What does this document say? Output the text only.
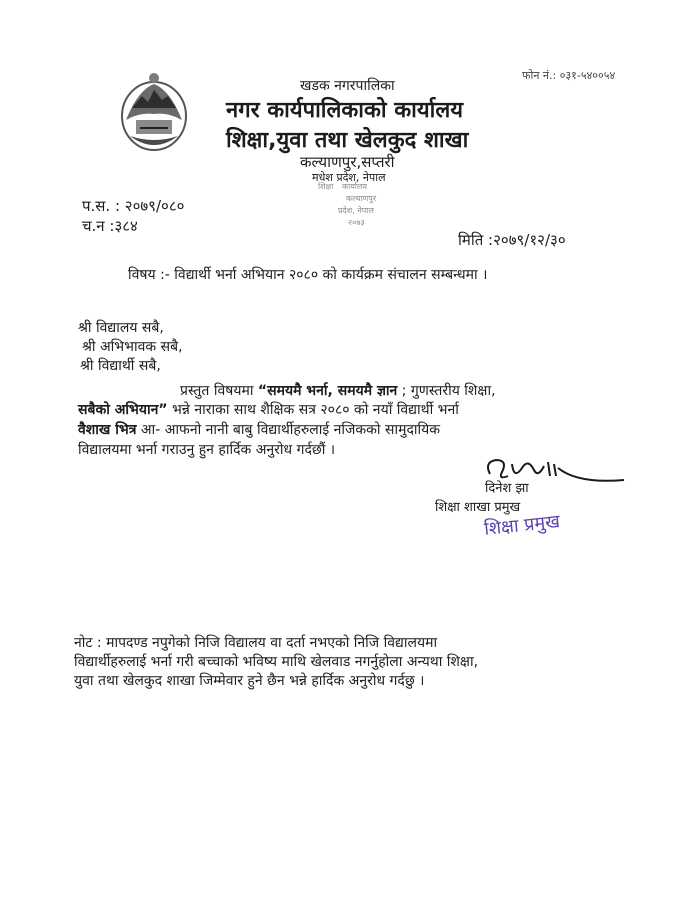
खडक नगरपालिका
नगर कार्यपालिकाको कार्यालय
शिक्षा,युवा तथा खेलकुद शाखा
कल्याणपुर,सप्तरी
मधेश प्रदेश, नेपाल
फोन नं.: ०३१-५४००५४
शिक्षा कार्यालय
कल्याणपुर
प्रदेश, नेपाल
२०७३
प.स. : २०७९/०८०
च.न :३८४
मिति :२०७९/१२/३०
विषय :- विद्यार्थी भर्ना अभियान २०८० को कार्यक्रम संचालन सम्बन्धमा ।
श्री विद्यालय सबै,
श्री अभिभावक सबै,
श्री विद्यार्थी सबै,
प्रस्तुत विषयमा “समयमै भर्ना, समयमै ज्ञान ; गुणस्तरीय शिक्षा,
सबैको अभियान” भन्ने नाराका साथ शैक्षिक सत्र २०८० को नयाँ विद्यार्थी भर्ना
वैशाख भित्र आ- आफनो नानी बाबु विद्यार्थीहरुलाई नजिकको सामुदायिक
विद्यालयमा भर्ना गराउनु हुन हार्दिक अनुरोध गर्दछौं ।
दिनेश झा
शिक्षा शाखा प्रमुख
शिक्षा प्रमुख
नोट : मापदण्ड नपुगेको निजि विद्यालय वा दर्ता नभएको निजि विद्यालयमा
विद्यार्थीहरुलाई भर्ना गरी बच्चाको भविष्य माथि खेलवाड नगर्नुहोला अन्यथा शिक्षा,
युवा तथा खेलकुद शाखा जिम्मेवार हुने छैन भन्ने हार्दिक अनुरोध गर्दछु ।
